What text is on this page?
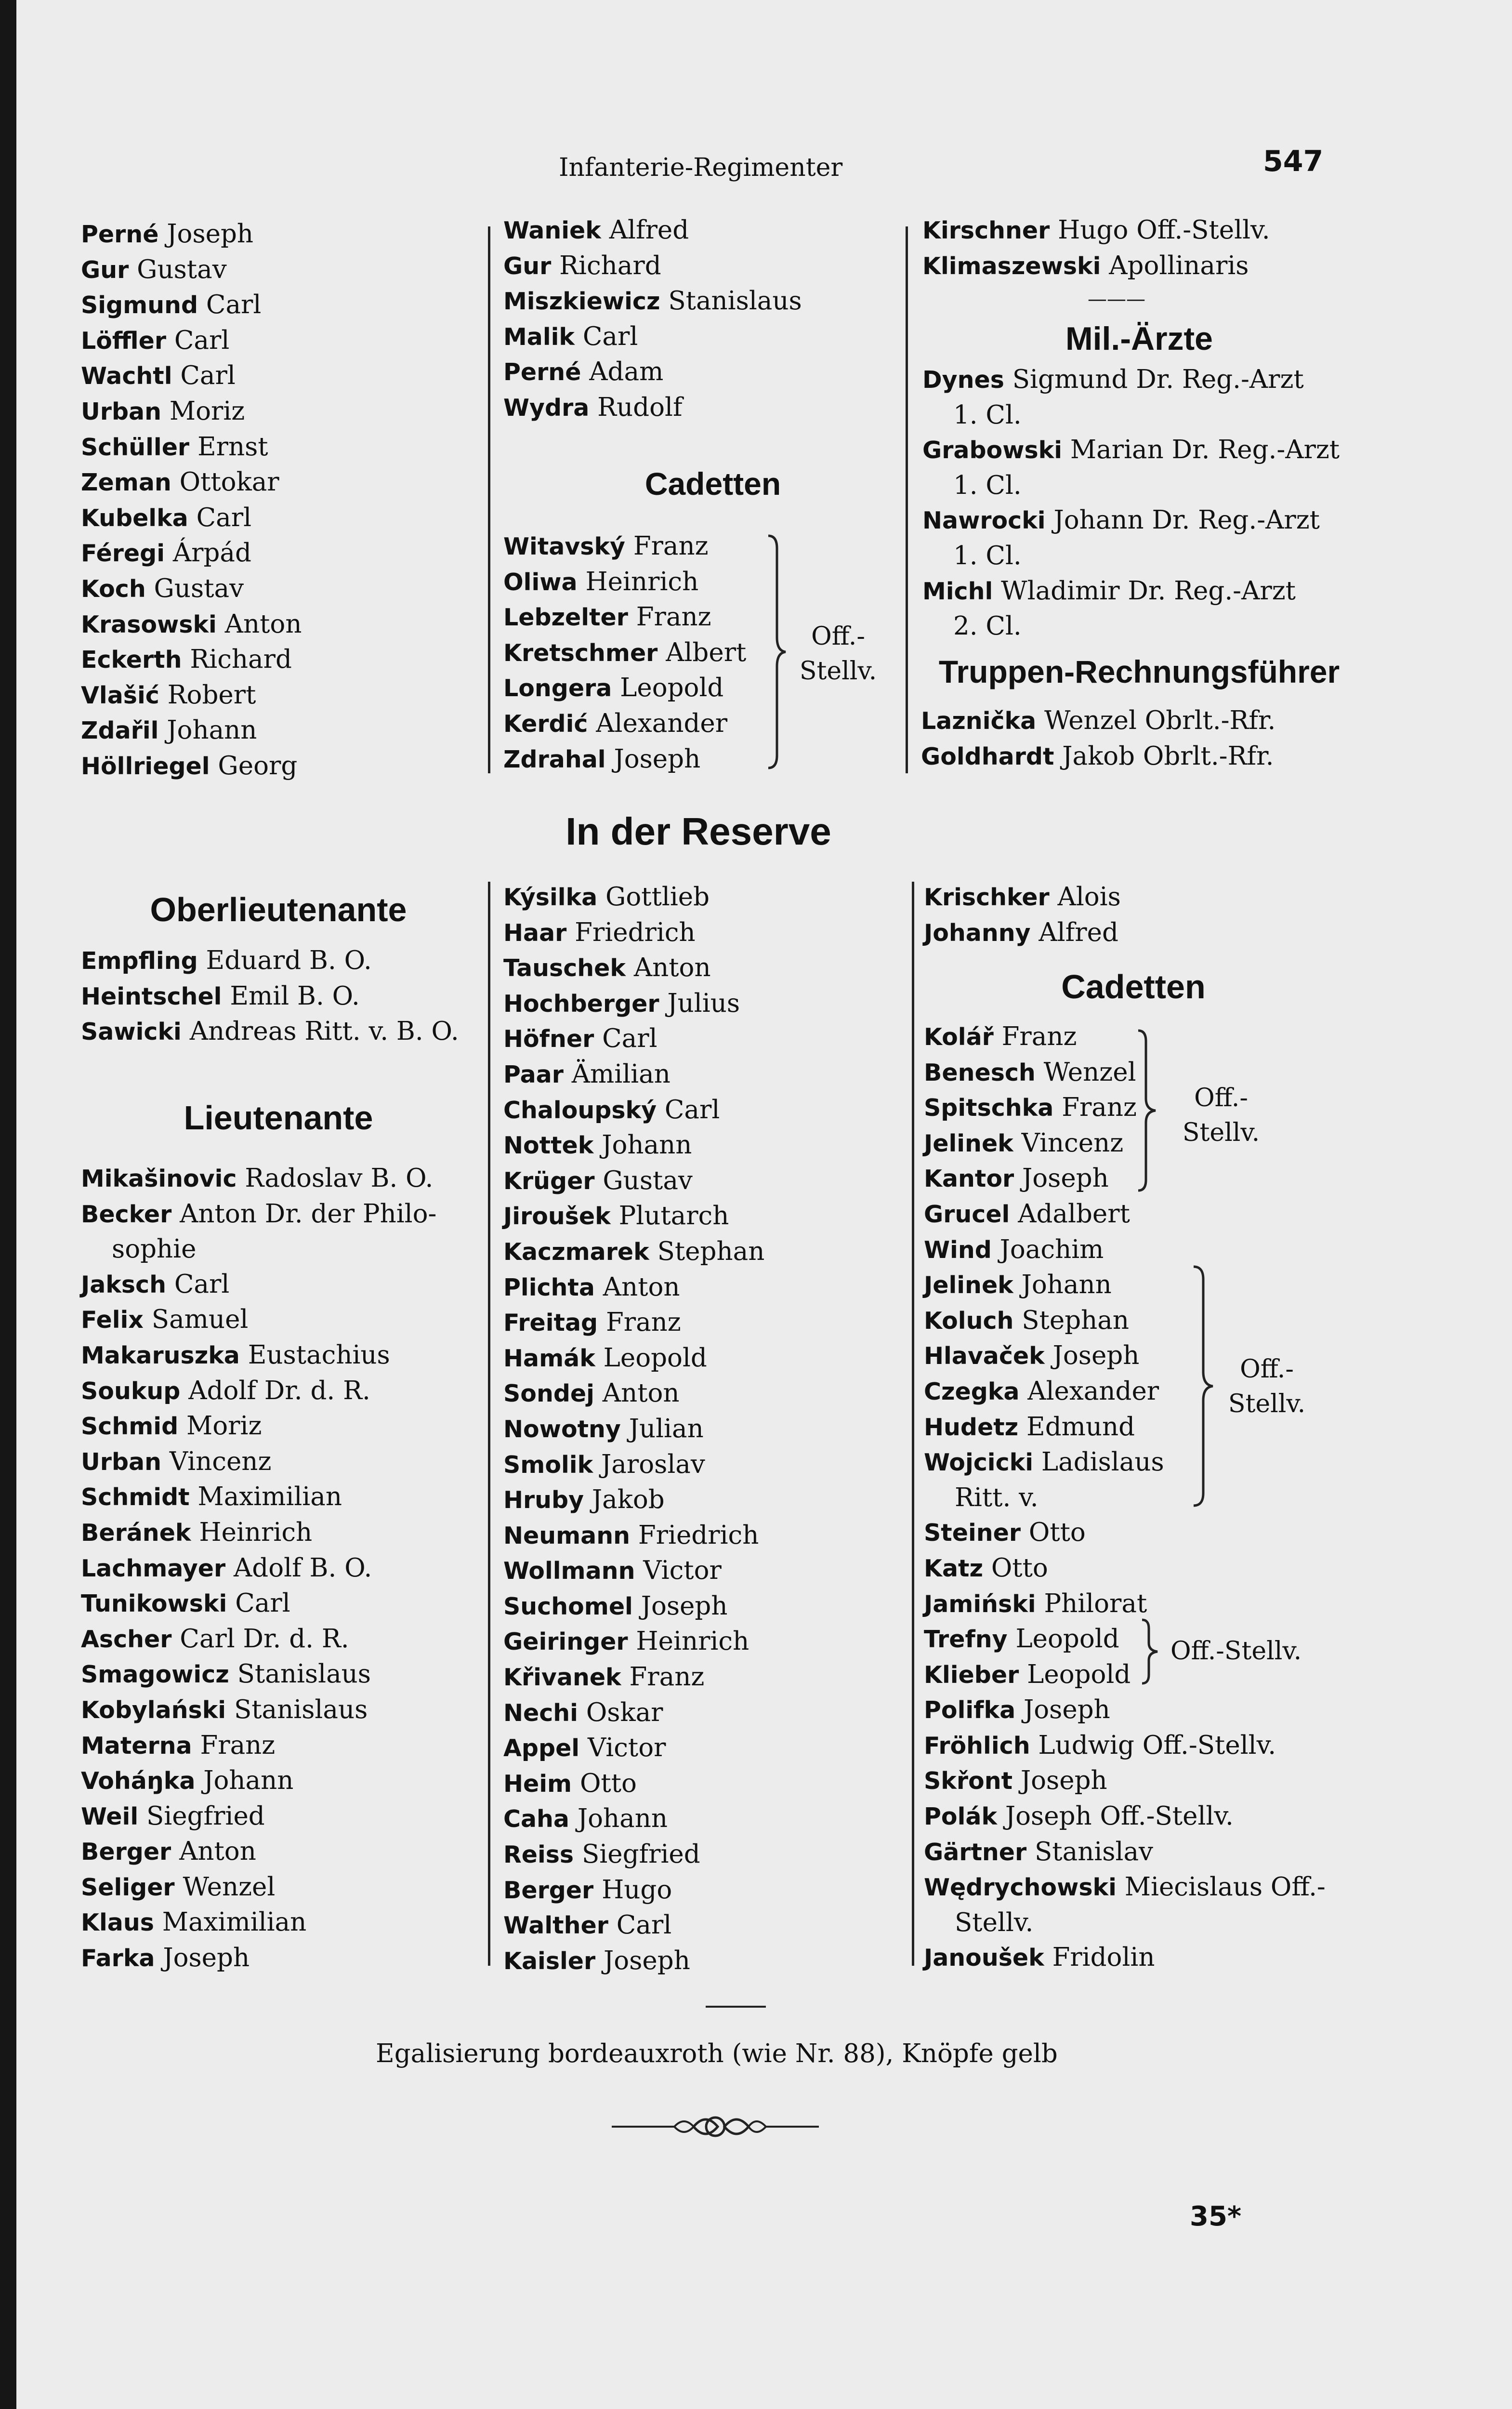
Infanterie-Regimenter	547
Perné Joseph
Gur Gustav
Sigmund Carl
Löffler Carl
Wachtl Carl
Urban Moriz
Schüller Ernst
Zeman Ottokar
Kubelka Carl
Féregi Árpád
Koch Gustav
Krasowski Anton
Eckerth Richard
Vlašić Robert
Zdařil Johann
Höllriegel Georg
Waniek Alfred
Gur Richard
Miszkiewicz Stanislaus
Malik Carl
Perné Adam
Wydra Rudolf
Cadetten
Witavský Franz
Oliwa Heinrich
Lebzelter Franz
Kretschmer Albert
Longera Leopold
Kerdić Alexander
Zdrahal Joseph
Off.-
Stellv.
Kirschner Hugo Off.-Stellv.
Klimaszewski Apollinaris
———
Mil.-Ärzte
Dynes Sigmund Dr. Reg.-Arzt
1. Cl.
Grabowski Marian Dr. Reg.-Arzt
1. Cl.
Nawrocki Johann Dr. Reg.-Arzt
1. Cl.
Michl Wladimir Dr. Reg.-Arzt
2. Cl.
Truppen-Rechnungsführer
Laznička Wenzel Obrlt.-Rfr.
Goldhardt Jakob Obrlt.-Rfr.
In der Reserve
Oberlieutenante
Empfling Eduard B. O.
Heintschel Emil B. O.
Sawicki Andreas Ritt. v. B. O.
Lieutenante
Mikašinovic Radoslav B. O.
Becker Anton Dr. der Philo-
sophie
Jaksch Carl
Felix Samuel
Makaruszka Eustachius
Soukup Adolf Dr. d. R.
Schmid Moriz
Urban Vincenz
Schmidt Maximilian
Beránek Heinrich
Lachmayer Adolf B. O.
Tunikowski Carl
Ascher Carl Dr. d. R.
Smagowicz Stanislaus
Kobylański Stanislaus
Materna Franz
Voháŋka Johann
Weil Siegfried
Berger Anton
Seliger Wenzel
Klaus Maximilian
Farka Joseph
Kýsilka Gottlieb
Haar Friedrich
Tauschek Anton
Hochberger Julius
Höfner Carl
Paar Ämilian
Chaloupský Carl
Nottek Johann
Krüger Gustav
Jiroušek Plutarch
Kaczmarek Stephan
Plichta Anton
Freitag Franz
Hamák Leopold
Sondej Anton
Nowotny Julian
Smolik Jaroslav
Hruby Jakob
Neumann Friedrich
Wollmann Victor
Suchomel Joseph
Geiringer Heinrich
Křivanek Franz
Nechi Oskar
Appel Victor
Heim Otto
Caha Johann
Reiss Siegfried
Berger Hugo
Walther Carl
Kaisler Joseph
Krischker Alois
Johanny Alfred
Cadetten
Kolář Franz
Benesch Wenzel
Spitschka Franz
Jelinek Vincenz
Kantor Joseph
Grucel Adalbert
Wind Joachim
Jelinek Johann
Koluch Stephan
Hlavaček Joseph
Czegka Alexander
Hudetz Edmund
Wojcicki Ladislaus
Ritt. v.
Steiner Otto
Katz Otto
Jamiński Philorat
Trefny Leopold
Klieber Leopold
Polifka Joseph
Fröhlich Ludwig Off.-Stellv.
Skřont Joseph
Polák Joseph Off.-Stellv.
Gärtner Stanislav
Wędrychowski Miecislaus Off.-
Stellv.
Janoušek Fridolin
Off.-
Stellv.
Off.-
Stellv.
Off.-Stellv.
Egalisierung bordeauxroth (wie Nr. 88), Knöpfe gelb
35*
